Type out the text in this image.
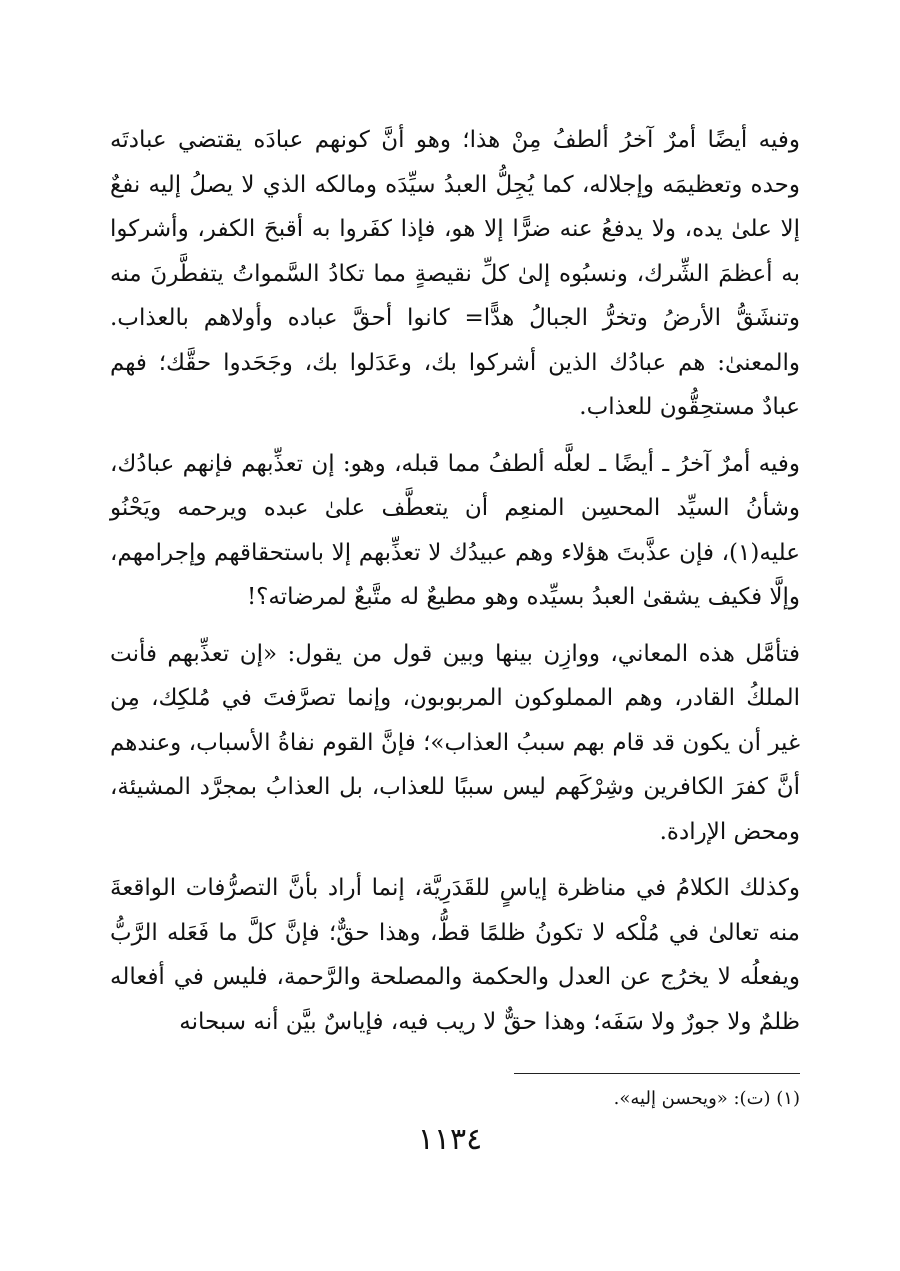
وفيه أيضًا أمرٌ آخرُ ألطفُ مِنْ هذا؛ وهو أنَّ كونهم عبادَه يقتضي عبادتَه وحده وتعظيمَه وإجلاله، كما يُجِلُّ العبدُ سيِّدَه ومالكه الذي لا يصلُ إليه نفعٌ إلا علىٰ يده، ولا يدفعُ عنه ضرًّا إلا هو، فإذا كفَروا به أقبحَ الكفر، وأشركوا به أعظمَ الشِّرك، ونسبُوه إلىٰ كلِّ نقيصةٍ مما تكادُ السَّمواتُ يتفطَّرنَ منه وتنشَقُّ الأرضُ وتخرُّ الجبالُ هدًّا= كانوا أحقَّ عباده وأولاهم بالعذاب. والمعنىٰ: هم عبادُك الذين أشركوا بك، وعَدَلوا بك، وجَحَدوا حقَّك؛ فهم عبادٌ مستحِقُّون للعذاب.

وفيه أمرٌ آخرُ ـ أيضًا ـ لعلَّه ألطفُ مما قبله، وهو: إن تعذِّبهم فإنهم عبادُك، وشأنُ السيِّد المحسِن المنعِم أن يتعطَّف علىٰ عبده ويرحمه ويَحْنُو عليه(١)، فإن عذَّبتَ هؤلاء وهم عبيدُك لا تعذِّبهم إلا باستحقاقهم وإجرامهم، وإلَّا فكيف يشقىٰ العبدُ بسيِّده وهو مطيعٌ له متَّبعٌ لمرضاته؟!

فتأمَّل هذه المعاني، ووازِن بينها وبين قول من يقول: «إن تعذِّبهم فأنت الملكُ القادر، وهم المملوكون المربوبون، وإنما تصرَّفتَ في مُلكِك، مِن غير أن يكون قد قام بهم سببُ العذاب»؛ فإنَّ القوم نفاةُ الأسباب، وعندهم أنَّ كفرَ الكافرين وشِرْكَهم ليس سببًا للعذاب، بل العذابُ بمجرَّد المشيئة، ومحض الإرادة.

وكذلك الكلامُ في مناظرة إياسٍ للقَدَرِيَّة، إنما أراد بأنَّ التصرُّفات الواقعةَ منه تعالىٰ في مُلْكه لا تكونُ ظلمًا قطُّ، وهذا حقٌّ؛ فإنَّ كلَّ ما فَعَله الرَّبُّ ويفعلُه لا يخرُج عن العدل والحكمة والمصلحة والرَّحمة، فليس في أفعاله ظلمٌ ولا جورٌ ولا سَفَه؛ وهذا حقٌّ لا ريب فيه، فإياسٌ بيَّن أنه سبحانه

(١) (ت): «ويحسن إليه».
١١٣٤
